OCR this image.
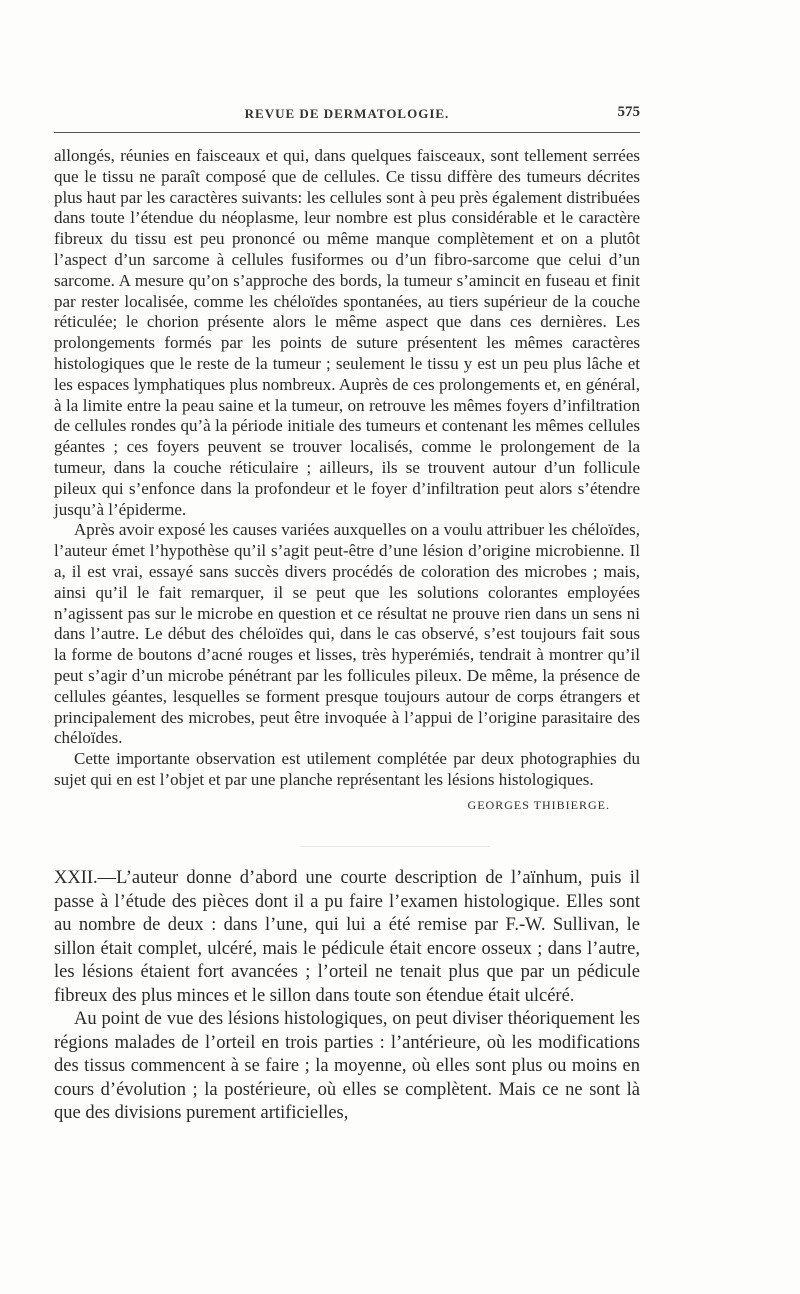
REVUE DE DERMATOLOGIE.	575

allongés, réunies en faisceaux et qui, dans quelques faisceaux, sont tellement serrées que le tissu ne paraît composé que de cellules. Ce tissu diffère des tumeurs décrites plus haut par les caractères suivants: les cellules sont à peu près également distribuées dans toute l’étendue du néoplasme, leur nombre est plus considérable et le caractère fibreux du tissu est peu prononcé ou même manque complètement et on a plutôt l’aspect d’un sarcome à cellules fusiformes ou d’un fibro-sarcome que celui d’un sarcome. A mesure qu’on s’approche des bords, la tumeur s’amincit en fuseau et finit par rester localisée, comme les chéloïdes spontanées, au tiers supérieur de la couche réticulée; le chorion présente alors le même aspect que dans ces dernières. Les prolongements formés par les points de suture présentent les mêmes caractères histologiques que le reste de la tumeur ; seulement le tissu y est un peu plus lâche et les espaces lymphatiques plus nombreux. Auprès de ces prolongements et, en général, à la limite entre la peau saine et la tumeur, on retrouve les mêmes foyers d’infiltration de cellules rondes qu’à la période initiale des tumeurs et contenant les mêmes cellules géantes ; ces foyers peuvent se trouver localisés, comme le prolongement de la tumeur, dans la couche réticulaire ; ailleurs, ils se trouvent autour d’un follicule pileux qui s’enfonce dans la profondeur et le foyer d’infiltration peut alors s’étendre jusqu’à l’épiderme.

Après avoir exposé les causes variées auxquelles on a voulu attribuer les chéloïdes, l’auteur émet l’hypothèse qu’il s’agit peut-être d’une lésion d’origine microbienne. Il a, il est vrai, essayé sans succès divers procédés de coloration des microbes ; mais, ainsi qu’il le fait remarquer, il se peut que les solutions colorantes employées n’agissent pas sur le microbe en question et ce résultat ne prouve rien dans un sens ni dans l’autre. Le début des chéloïdes qui, dans le cas observé, s’est toujours fait sous la forme de boutons d’acné rouges et lisses, très hyperémiés, tendrait à montrer qu’il peut s’agir d’un microbe pénétrant par les follicules pileux. De même, la présence de cellules géantes, lesquelles se forment presque toujours autour de corps étrangers et principalement des microbes, peut être invoquée à l’appui de l’origine parasitaire des chéloïdes.

Cette importante observation est utilement complétée par deux photographies du sujet qui en est l’objet et par une planche représentant les lésions histologiques.
GEORGES THIBIERGE.

XXII.—L’auteur donne d’abord une courte description de l’aïnhum, puis il passe à l’étude des pièces dont il a pu faire l’examen histologique. Elles sont au nombre de deux : dans l’une, qui lui a été remise par F.-W. Sullivan, le sillon était complet, ulcéré, mais le pédicule était encore osseux ; dans l’autre, les lésions étaient fort avancées ; l’orteil ne tenait plus que par un pédicule fibreux des plus minces et le sillon dans toute son étendue était ulcéré.

Au point de vue des lésions histologiques, on peut diviser théoriquement les régions malades de l’orteil en trois parties : l’antérieure, où les modifications des tissus commencent à se faire ; la moyenne, où elles sont plus ou moins en cours d’évolution ; la postérieure, où elles se complètent. Mais ce ne sont là que des divisions purement artificielles,
